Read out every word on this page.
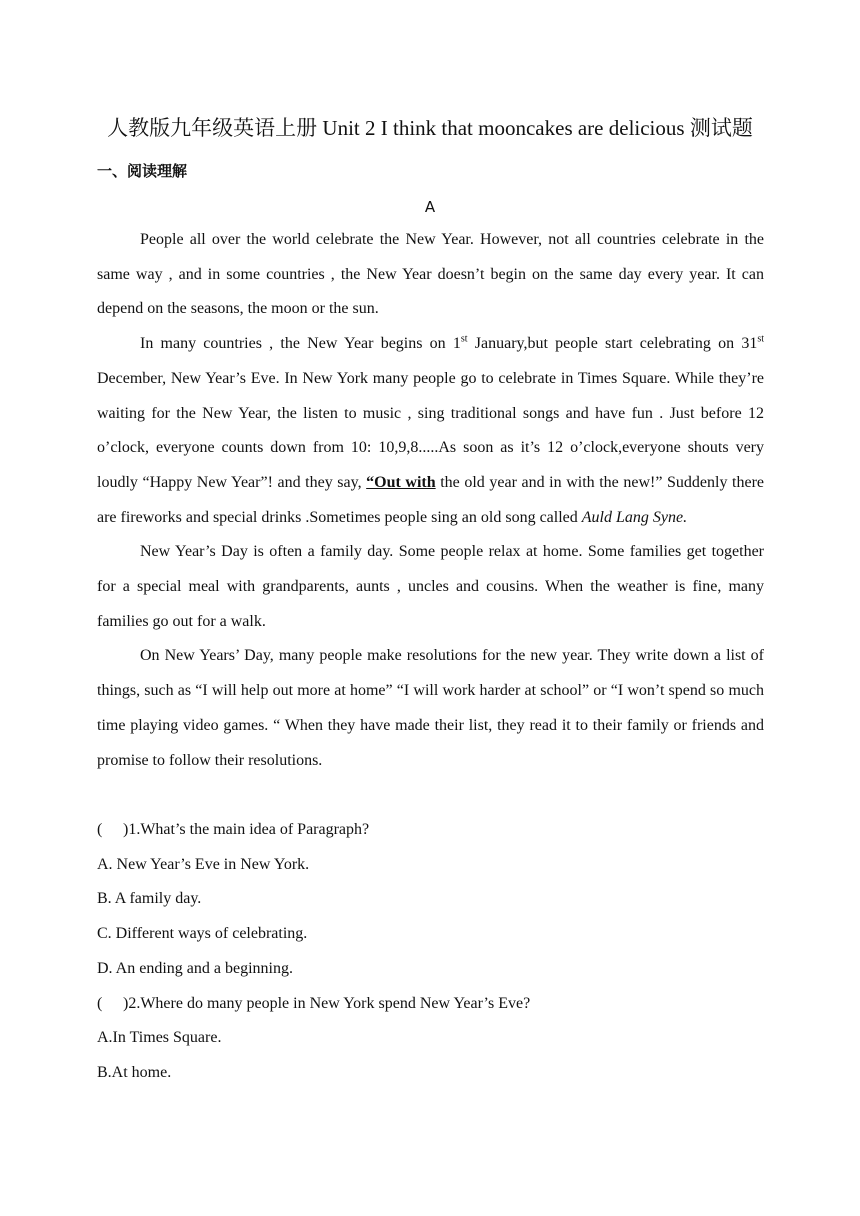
人教版九年级英语上册 Unit 2 I think that mooncakes are delicious 测试题
一、阅读理解
A

People all over the world celebrate the New Year. However, not all countries celebrate in the same way , and in some countries , the New Year doesn’t begin on the same day every year. It can depend on the seasons, the moon or the sun.

In many countries , the New Year begins on 1st January,but people start celebrating on 31st December, New Year’s Eve. In New York many people go to celebrate in Times Square. While they’re waiting for the New Year, the listen to music , sing traditional songs and have fun . Just before 12 o’clock, everyone counts down from 10: 10,9,8.....As soon as it’s 12 o’clock,everyone shouts very loudly “Happy New Year”! and they say, “Out with the old year and in with the new!” Suddenly there are fireworks and special drinks .Sometimes people sing an old song called Auld Lang Syne.

New Year’s Day is often a family day. Some people relax at home. Some families get together for a special meal with grandparents, aunts , uncles and cousins. When the weather is fine, many families go out for a walk.

On New Years’ Day, many people make resolutions for the new year. They write down a list of things, such as “I will help out more at home” “I will work harder at school” or “I won’t spend so much time playing video games. “ When they have made their list, they read it to their family or friends and promise to follow their resolutions.

( )1.What’s the main idea of Paragraph?
A. New Year’s Eve in New York.
B. A family day.
C. Different ways of celebrating.
D. An ending and a beginning.
( )2.Where do many people in New York spend New Year’s Eve?
A.In Times Square.
B.At home.
